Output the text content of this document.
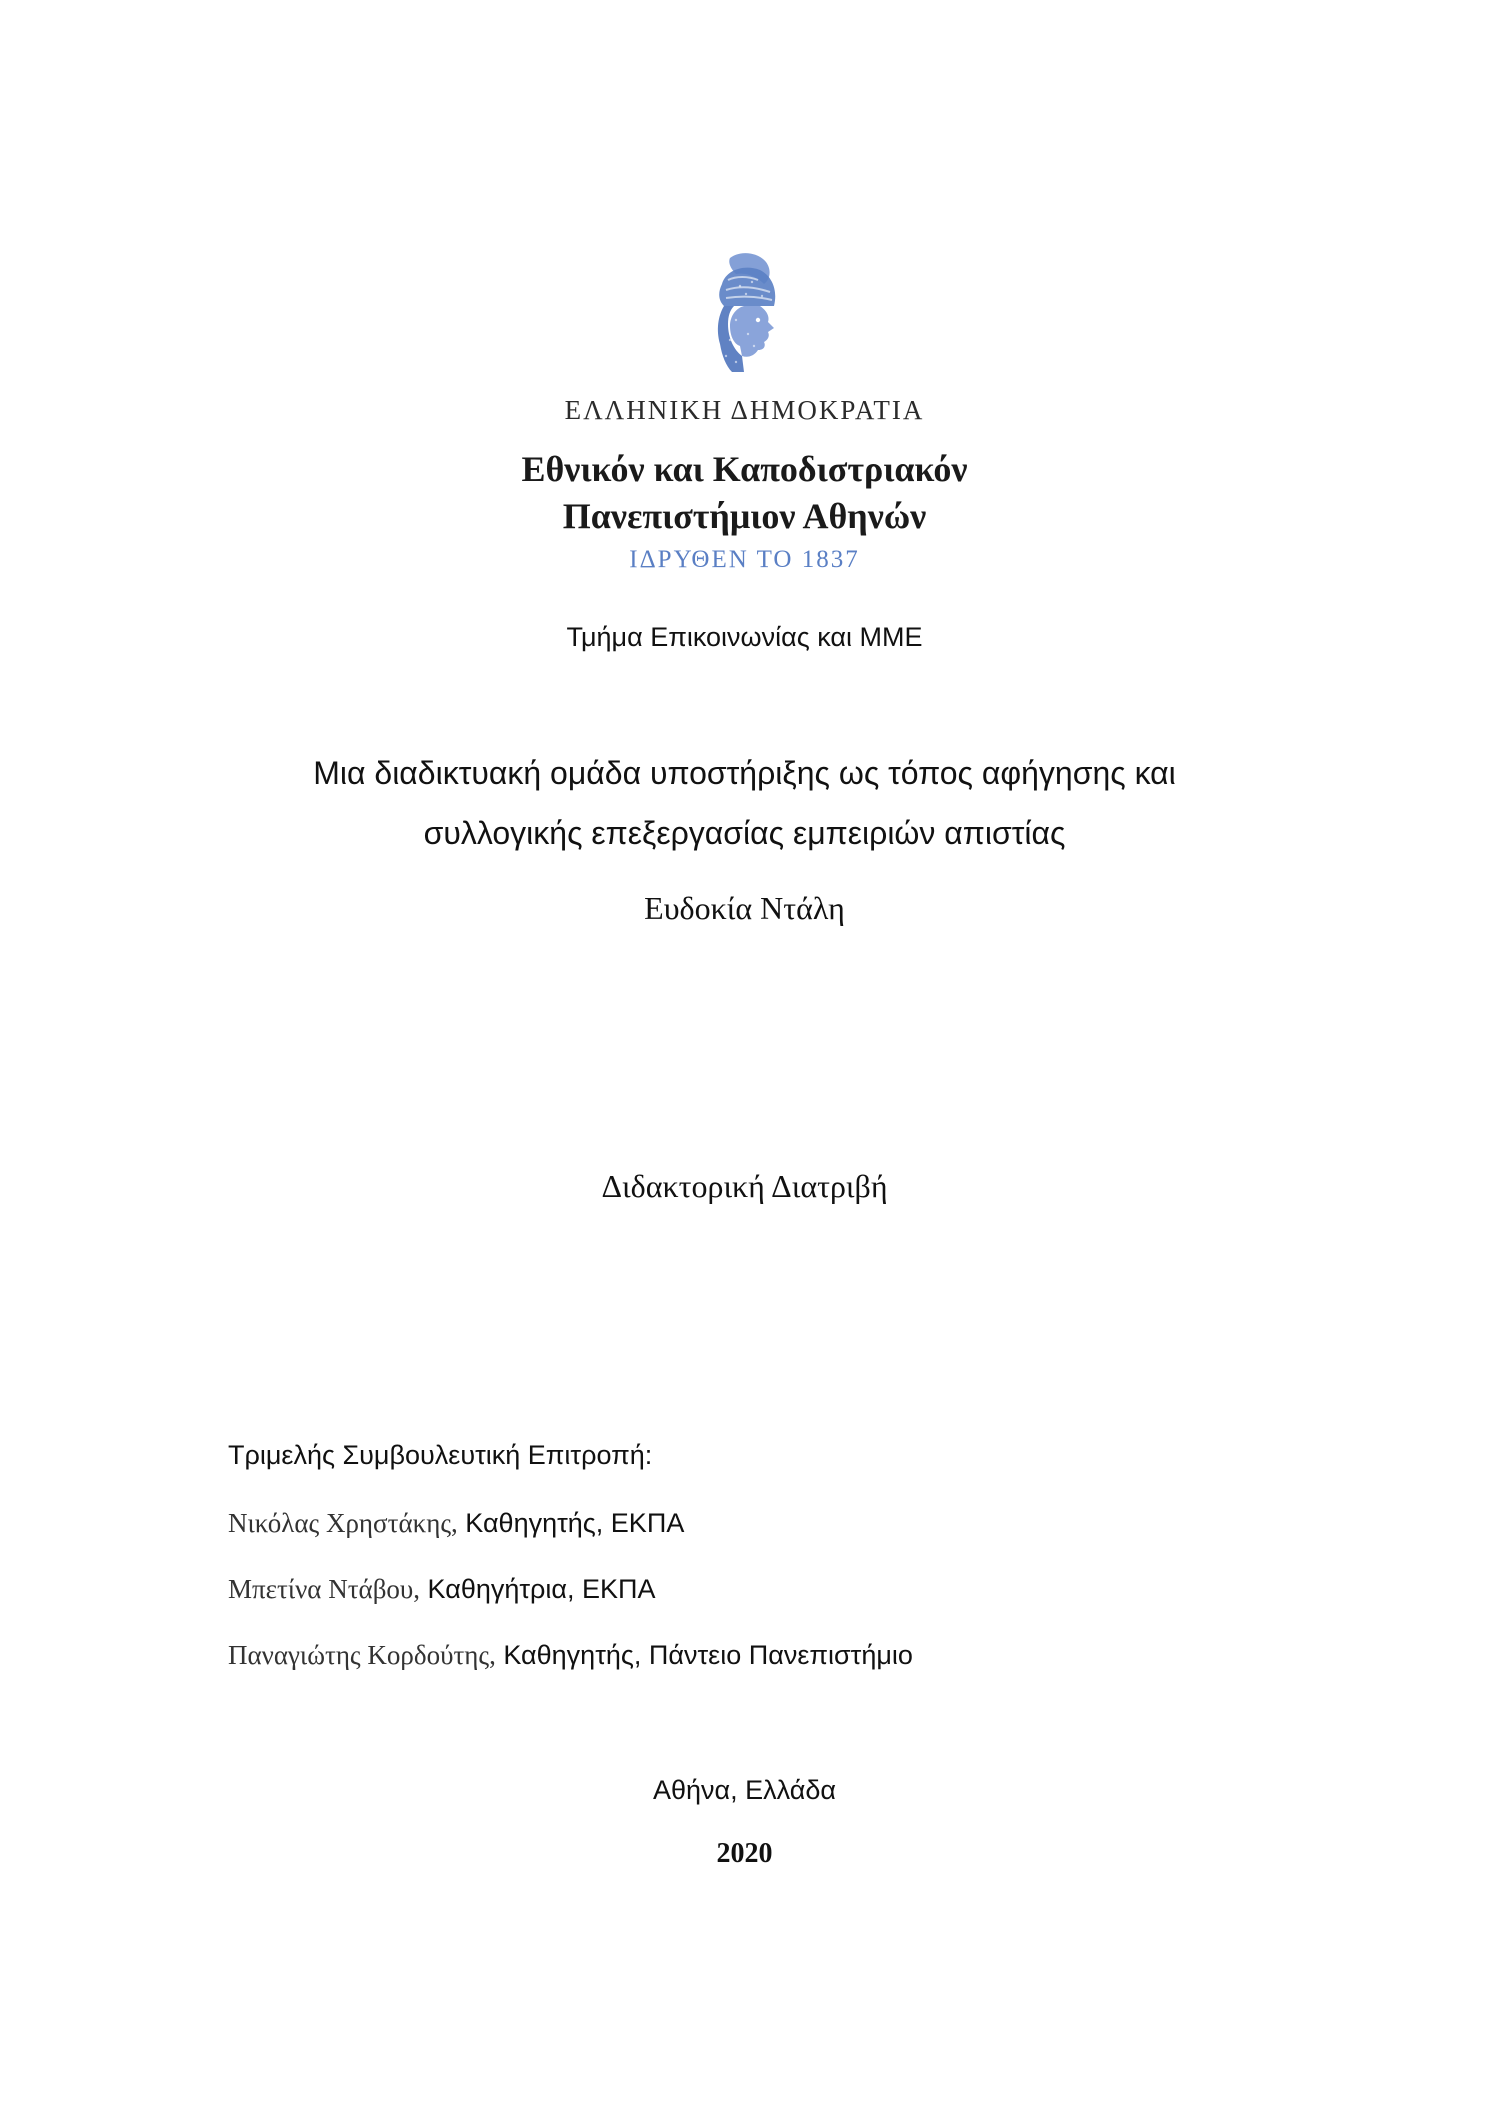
ΕΛΛΗΝΙΚΗ ΔΗΜΟΚΡΑΤΙΑ
Εθνικόν και Καποδιστριακόν
Πανεπιστήμιον Αθηνών
ΙΔΡΥΘΕΝ ΤΟ 1837
Τμήμα Επικοινωνίας και ΜΜΕ
Μια διαδικτυακή ομάδα υποστήριξης ως τόπος αφήγησης και
συλλογικής επεξεργασίας εμπειριών απιστίας
Ευδοκία Ντάλη
Διδακτορική Διατριβή
Τριμελής Συμβουλευτική Επιτροπή:
Νικόλας Χρηστάκης, Καθηγητής, ΕΚΠΑ
Μπετίνα Ντάβου, Καθηγήτρια, ΕΚΠΑ
Παναγιώτης Κορδούτης, Καθηγητής, Πάντειο Πανεπιστήμιο
Αθήνα, Ελλάδα
2020
